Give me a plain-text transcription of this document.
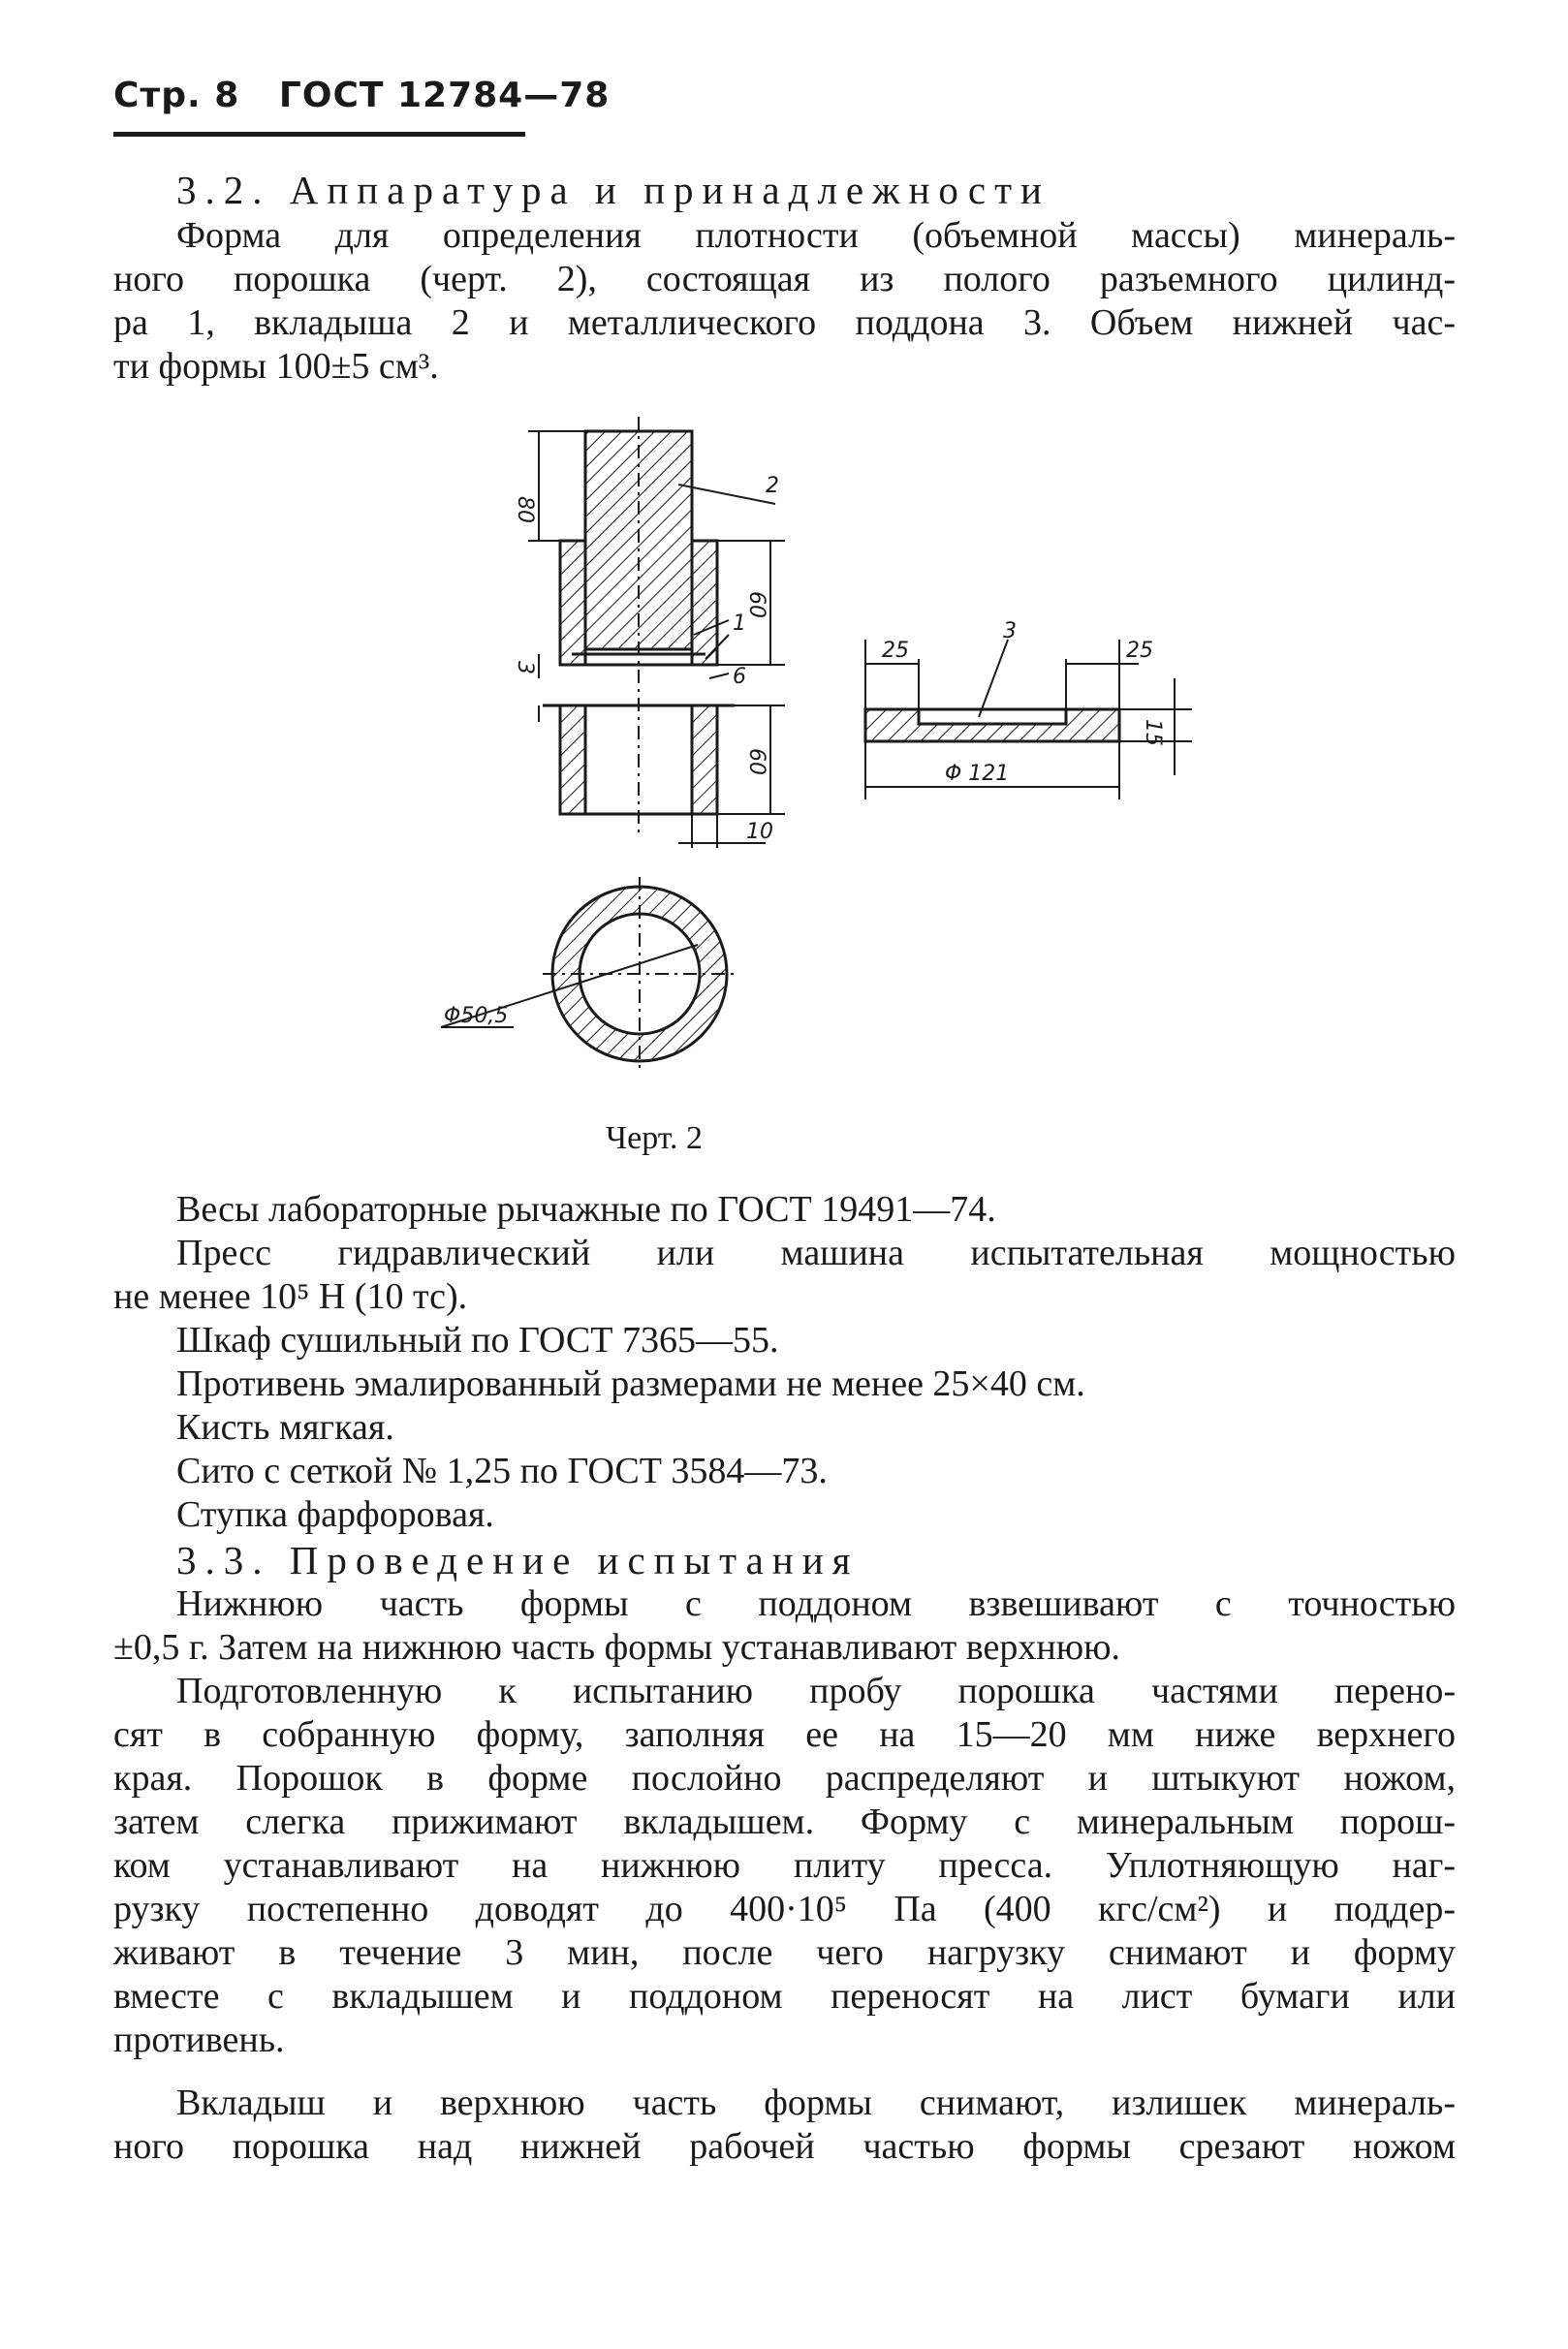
Стр. 8 ГОСТ 12784—78
3.2. Аппаратура и принадлежности
Форма для определения плотности (объемной массы) минераль-
ного порошка (черт. 2), состоящая из полого разъемного цилинд-
ра 1, вкладыша 2 и металлического поддона 3. Объем нижней час-
ти формы 100±5 см³.
2
1
6
80
60
3
60
10
3
25	25
15
Φ 121
Φ50,5
Черт. 2
Весы лабораторные рычажные по ГОСТ 19491—74.
Пресс гидравлический или машина испытательная мощностью
не менее 10⁵ Н (10 тс).
Шкаф сушильный по ГОСТ 7365—55.
Противень эмалированный размерами не менее 25×40 см.
Кисть мягкая.
Сито с сеткой № 1,25 по ГОСТ 3584—73.
Ступка фарфоровая.
3.3. Проведение испытания
Нижнюю часть формы с поддоном взвешивают с точностью
±0,5 г. Затем на нижнюю часть формы устанавливают верхнюю.
Подготовленную к испытанию пробу порошка частями перено-
сят в собранную форму, заполняя ее на 15—20 мм ниже верхнего
края. Порошок в форме послойно распределяют и штыкуют ножом,
затем слегка прижимают вкладышем. Форму с минеральным порош-
ком устанавливают на нижнюю плиту пресса. Уплотняющую наг-
рузку постепенно доводят до 400·10⁵ Па (400 кгс/см²) и поддер-
живают в течение 3 мин, после чего нагрузку снимают и форму
вместе с вкладышем и поддоном переносят на лист бумаги или
противень.
Вкладыш и верхнюю часть формы снимают, излишек минераль-
ного порошка над нижней рабочей частью формы срезают ножом
